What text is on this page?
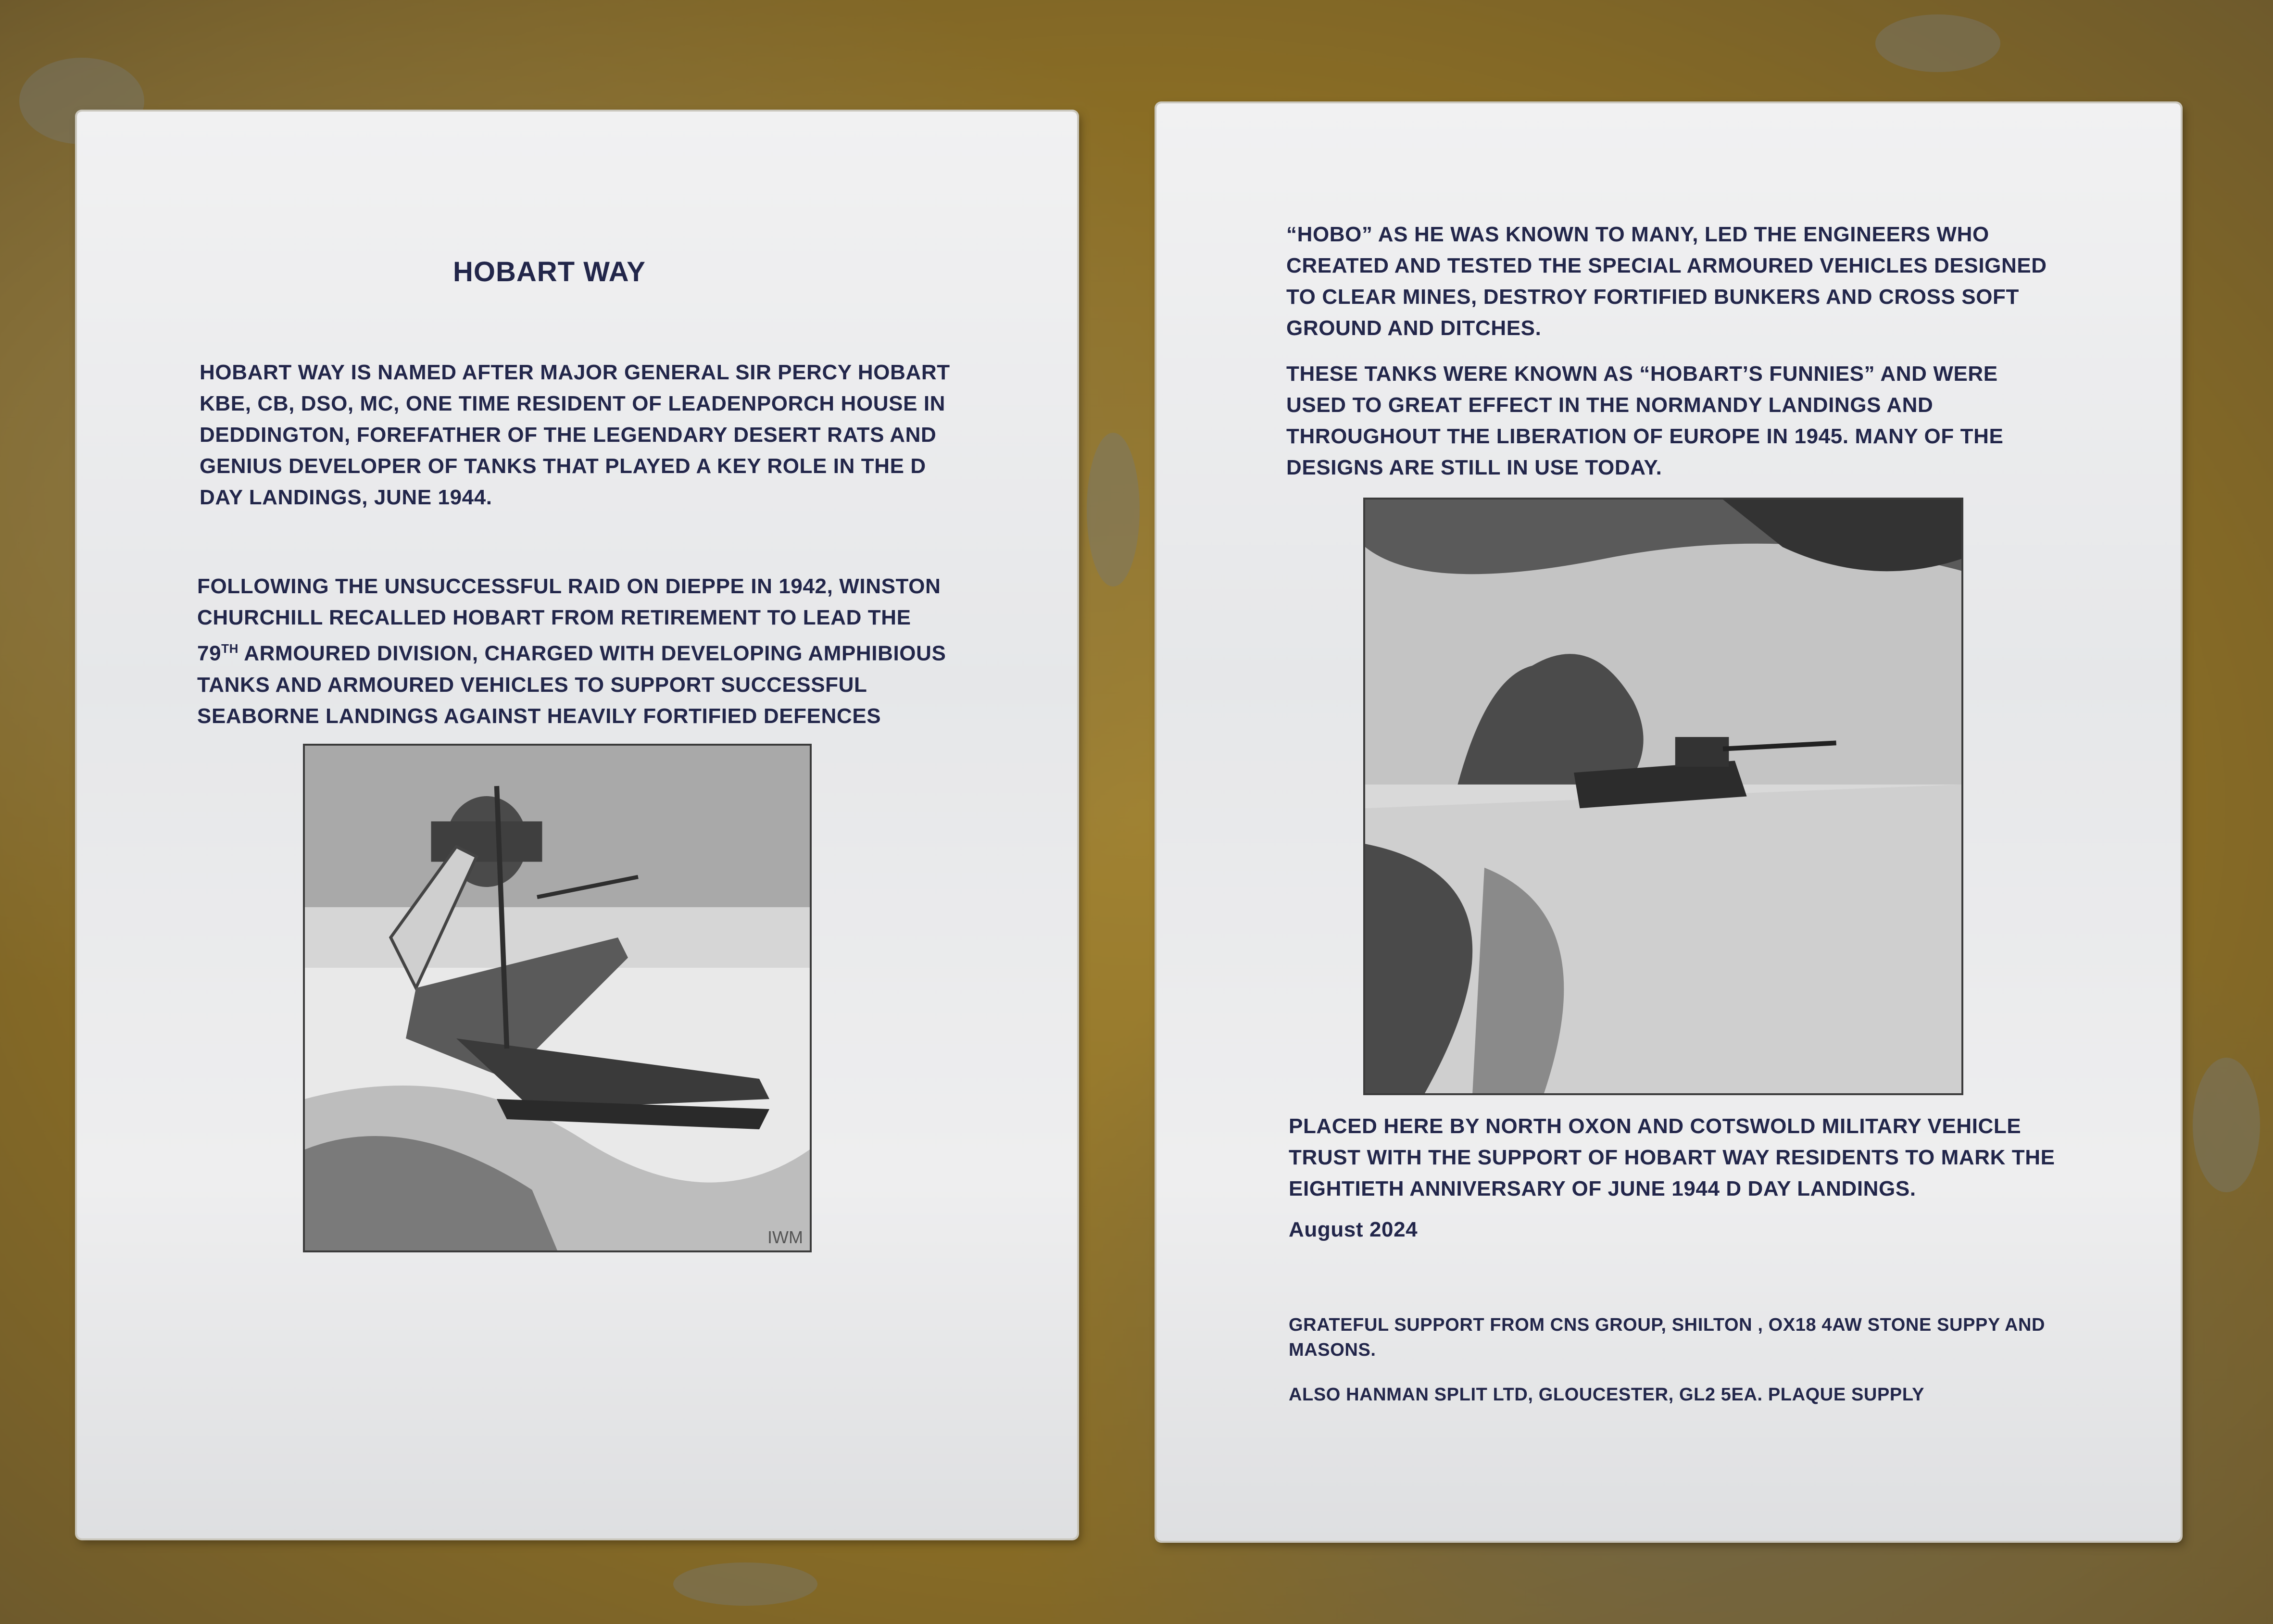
HOBART WAY
HOBART WAY IS NAMED AFTER MAJOR GENERAL SIR PERCY HOBART KBE, CB, DSO, MC, ONE TIME RESIDENT OF LEADENPORCH HOUSE IN DEDDINGTON, FOREFATHER OF THE LEGENDARY DESERT RATS AND GENIUS DEVELOPER OF TANKS THAT PLAYED A KEY ROLE IN THE D DAY LANDINGS, JUNE 1944.
FOLLOWING THE UNSUCCESSFUL RAID ON DIEPPE IN 1942, WINSTON CHURCHILL RECALLED HOBART FROM RETIREMENT TO LEAD THE 79TH ARMOURED DIVISION, CHARGED WITH DEVELOPING AMPHIBIOUS TANKS AND ARMOURED VEHICLES TO SUPPORT SUCCESSFUL SEABORNE LANDINGS AGAINST HEAVILY FORTIFIED DEFENCES
IWM
“HOBO” AS HE WAS KNOWN TO MANY, LED THE ENGINEERS WHO CREATED AND TESTED THE SPECIAL ARMOURED VEHICLES DESIGNED TO CLEAR MINES, DESTROY FORTIFIED BUNKERS AND CROSS SOFT GROUND AND DITCHES.
THESE TANKS WERE KNOWN AS “HOBART’S FUNNIES” AND WERE USED TO GREAT EFFECT IN THE NORMANDY LANDINGS AND THROUGHOUT THE LIBERATION OF EUROPE IN 1945. MANY OF THE DESIGNS ARE STILL IN USE TODAY.
PLACED HERE BY NORTH OXON AND COTSWOLD MILITARY VEHICLE TRUST WITH THE SUPPORT OF HOBART WAY RESIDENTS TO MARK THE EIGHTIETH ANNIVERSARY OF JUNE 1944 D DAY LANDINGS.
August 2024
GRATEFUL SUPPORT FROM CNS GROUP, SHILTON , OX18 4AW STONE SUPPY AND MASONS.
ALSO HANMAN SPLIT LTD, GLOUCESTER, GL2 5EA. PLAQUE SUPPLY
